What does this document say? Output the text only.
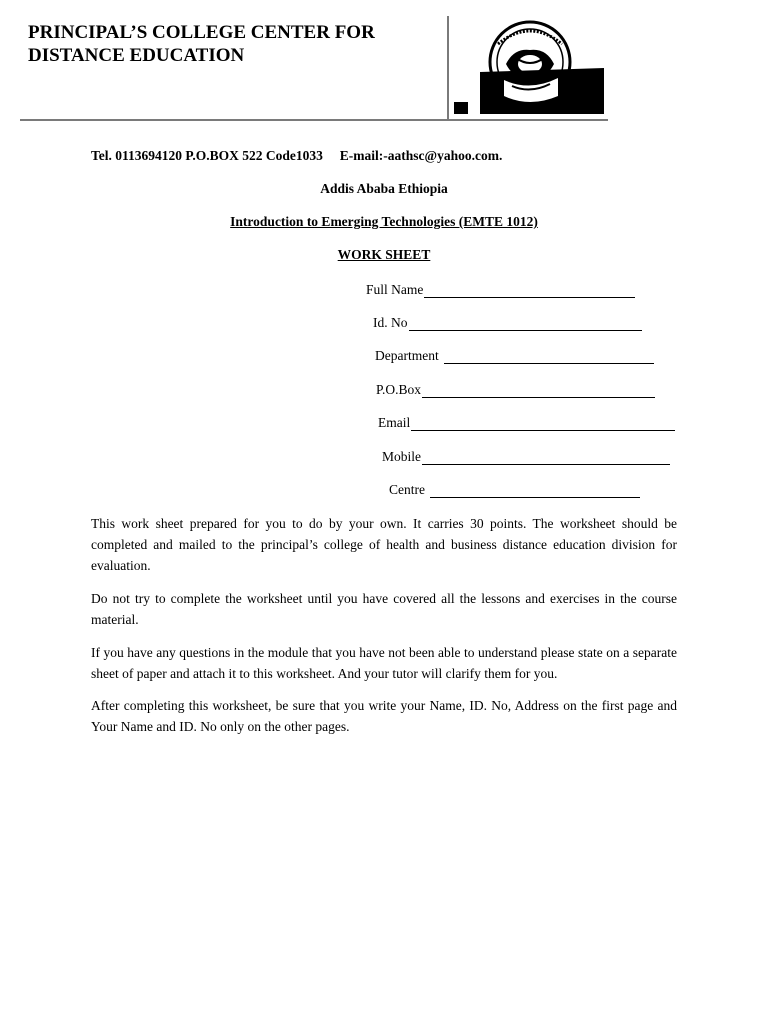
PRINCIPAL’S COLLEGE CENTER FOR
DISTANCE EDUCATION
Tel. 0113694120 P.O.BOX 522 Code1033     E-mail:-aathsc@yahoo.com.
Addis Ababa Ethiopia
Introduction to Emerging Technologies (EMTE 1012)
WORK SHEET
Full Name
Id. No
Department
P.O.Box
Email
Mobile
Centre

This work sheet prepared for you to do by your own. It carries 30 points. The worksheet should be completed and mailed to the principal’s college of health and business distance education division for evaluation.

Do not try to complete the worksheet until you have covered all the lessons and exercises in the course material.

If you have any questions in the module that you have not been able to understand please state on a separate sheet of paper and attach it to this worksheet. And your tutor will clarify them for you.

After completing this worksheet, be sure that you write your Name, ID. No, Address on the first page and Your Name and ID. No only on the other pages.
